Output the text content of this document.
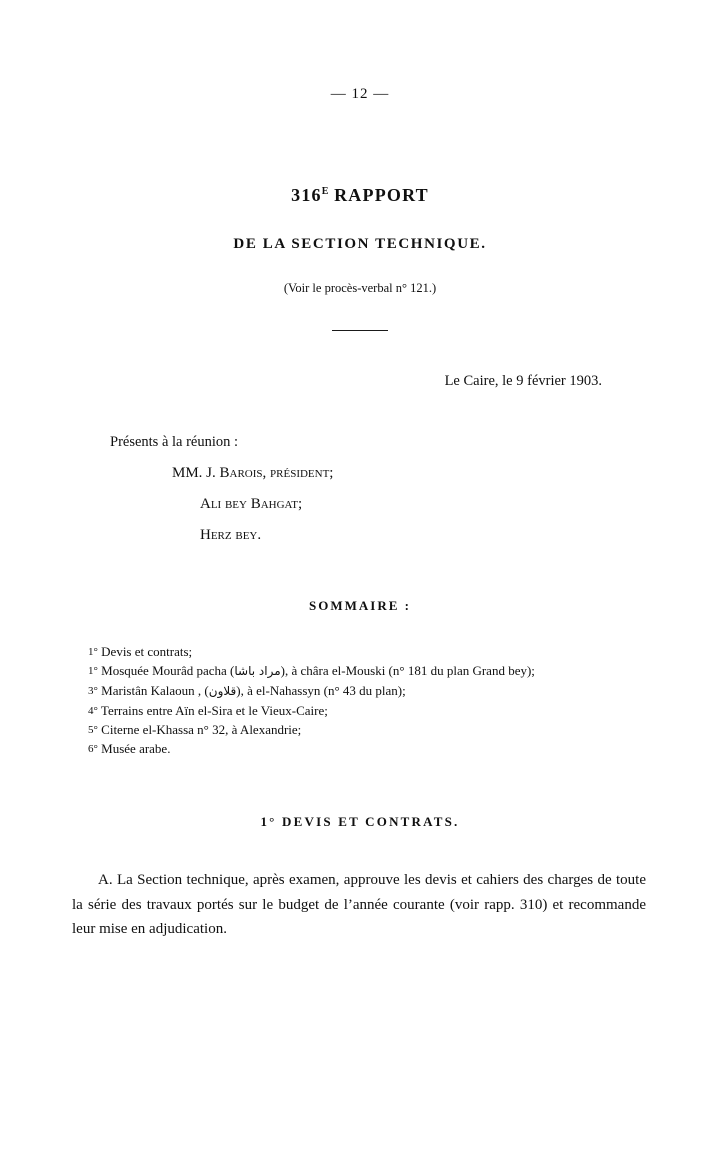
— 12 —
$316^E$ RAPPORT
DE LA SECTION TECHNIQUE.
(Voir le procès-verbal n° 121.)
Le Caire, le 9 février 1903.
Présents à la réunion :
MM. J. Barois, président;
Ali bey Bahgat;
Herz bey.
SOMMAIRE :
1° Devis et contrats;
1° Mosquée Mourâd pacha (مراد باشا), à châra el-Mouski (n° 181 du plan Grand bey);
3° Maristân Kalaoun , (قلاون), à el-Nahassyn (n° 43 du plan);
4° Terrains entre Aïn el-Sira et le Vieux-Caire;
5° Citerne el-Khassa n° 32, à Alexandrie;
6° Musée arabe.
1° DEVIS ET CONTRATS.
A. La Section technique, après examen, approuve les devis et cahiers des charges de toute la série des travaux portés sur le budget de l’année courante (voir rapp. 310) et recommande leur mise en adjudication.
